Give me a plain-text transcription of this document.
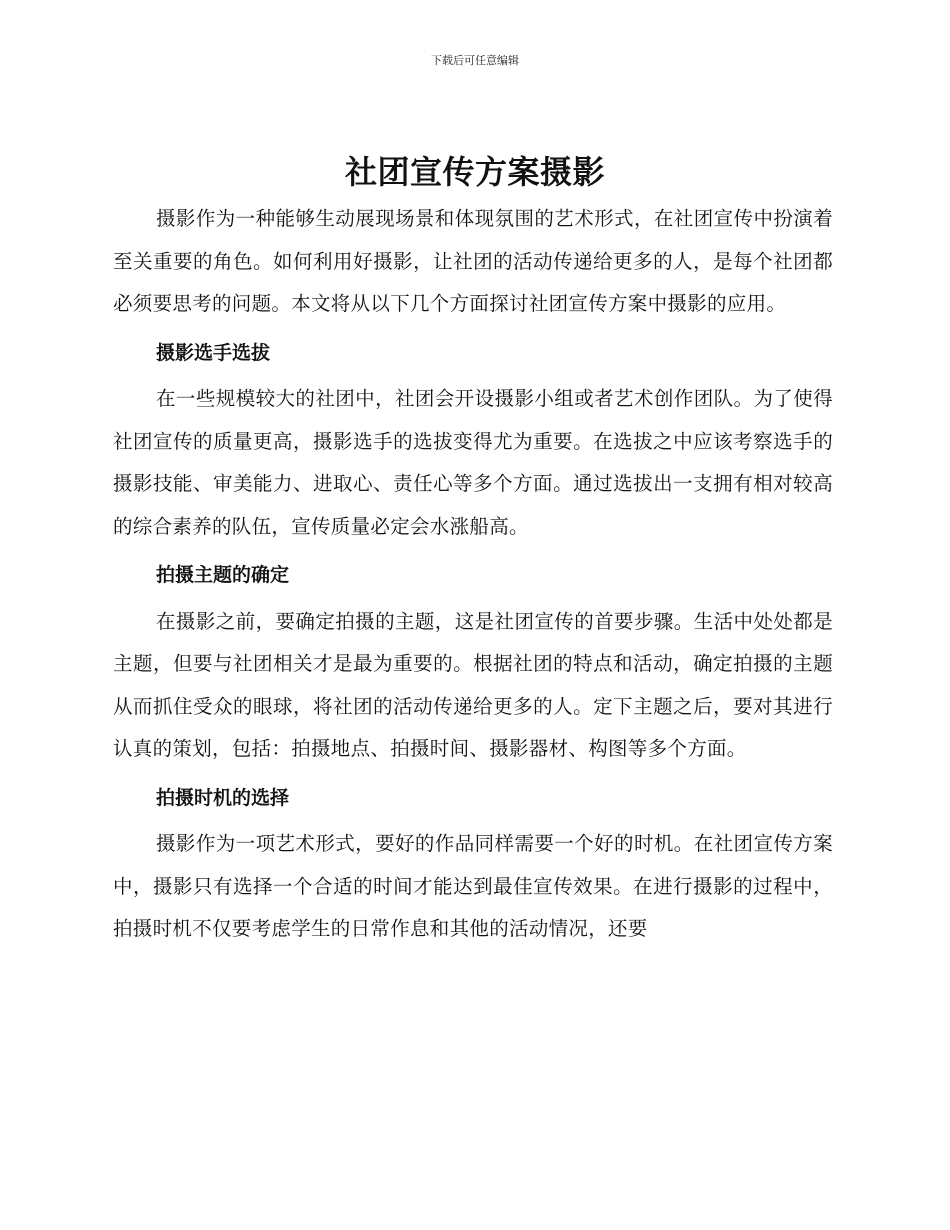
下载后可任意编辑
社团宣传方案摄影

摄影作为一种能够生动展现场景和体现氛围的艺术形式，在社团宣传中扮演着至关重要的角色。如何利用好摄影，让社团的活动传递给更多的人，是每个社团都必须要思考的问题。本文将从以下几个方面探讨社团宣传方案中摄影的应用。

摄影选手选拔

在一些规模较大的社团中，社团会开设摄影小组或者艺术创作团队。为了使得社团宣传的质量更高，摄影选手的选拔变得尤为重要。在选拔之中应该考察选手的摄影技能、审美能力、进取心、责任心等多个方面。通过选拔出一支拥有相对较高的综合素养的队伍，宣传质量必定会水涨船高。

拍摄主题的确定

在摄影之前，要确定拍摄的主题，这是社团宣传的首要步骤。生活中处处都是主题，但要与社团相关才是最为重要的。根据社团的特点和活动，确定拍摄的主题从而抓住受众的眼球，将社团的活动传递给更多的人。定下主题之后，要对其进行认真的策划，包括：拍摄地点、拍摄时间、摄影器材、构图等多个方面。

拍摄时机的选择

摄影作为一项艺术形式，要好的作品同样需要一个好的时机。在社团宣传方案中，摄影只有选择一个合适的时间才能达到最佳宣传效果。在进行摄影的过程中，拍摄时机不仅要考虑学生的日常作息和其他的活动情况，还要
